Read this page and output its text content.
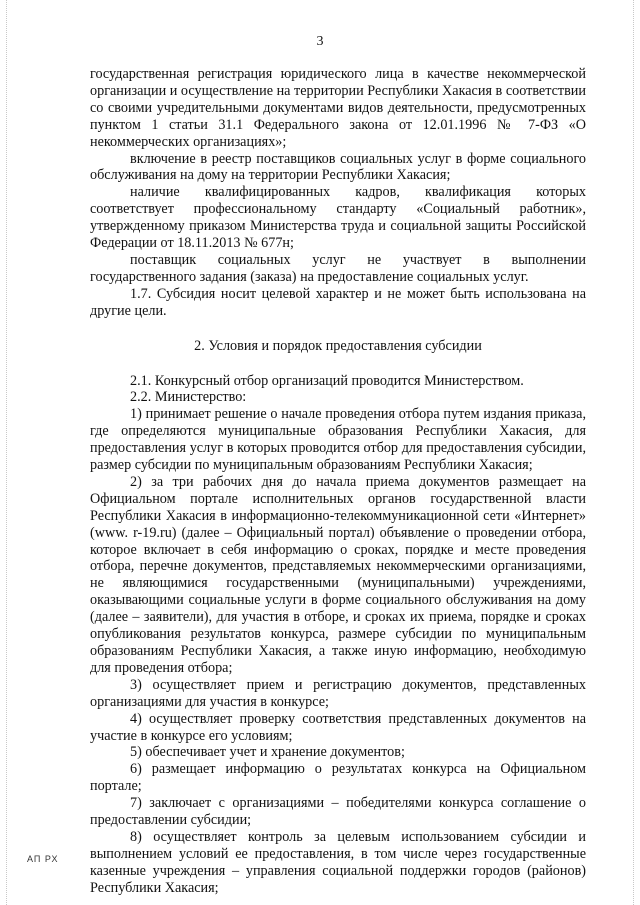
3

государственная регистрация юридического лица в качестве некоммерческой организации и осуществление на территории Республики Хакасия в соответствии со своими учредительными документами видов деятельности, предусмотренных пунктом 1 статьи 31.1 Федерального закона от 12.01.1996 № 7-ФЗ «О некоммерческих организациях»;

включение в реестр поставщиков социальных услуг в форме социального обслуживания на дому на территории Республики Хакасия;

наличие квалифицированных кадров, квалификация которых соответствует профессиональному стандарту «Социальный работник», утвержденному приказом Министерства труда и социальной защиты Российской Федерации от 18.11.2013 № 677н;

поставщик социальных услуг не участвует в выполнении государственного задания (заказа) на предоставление социальных услуг.

1.7. Субсидия носит целевой характер и не может быть использована на другие цели.

2. Условия и порядок предоставления субсидии

2.1. Конкурсный отбор организаций проводится Министерством.

2.2. Министерство:

1) принимает решение о начале проведения отбора путем издания приказа, где определяются муниципальные образования Республики Хакасия, для предоставления услуг в которых проводится отбор для предоставления субсидии, размер субсидии по муниципальным образованиям Республики Хакасия;

2) за три рабочих дня до начала приема документов размещает на Официальном портале исполнительных органов государственной власти Республики Хакасия в информационно-телекоммуникационной сети «Интернет» (www. r-19.ru) (далее – Официальный портал) объявление о проведении отбора, которое включает в себя информацию о сроках, порядке и месте проведения отбора, перечне документов, представляемых некоммерческими организациями, не являющимися государственными (муниципальными) учреждениями, оказывающими социальные услуги в форме социального обслуживания на дому (далее – заявители), для участия в отборе, и сроках их приема, порядке и сроках опубликования результатов конкурса, размере субсидии по муниципальным образованиям Республики Хакасия, а также иную информацию, необходимую для проведения отбора;

3) осуществляет прием и регистрацию документов, представленных организациями для участия в конкурсе;

4) осуществляет проверку соответствия представленных документов на участие в конкурсе его условиям;

5) обеспечивает учет и хранение документов;

6) размещает информацию о результатах конкурса на Официальном портале;

7) заключает с организациями – победителями конкурса соглашение о предоставлении субсидии;

8) осуществляет контроль за целевым использованием субсидии и выполнением условий ее предоставления, в том числе через государственные казенные учреждения – управления социальной поддержки городов (районов) Республики Хакасия;

АП РХ
